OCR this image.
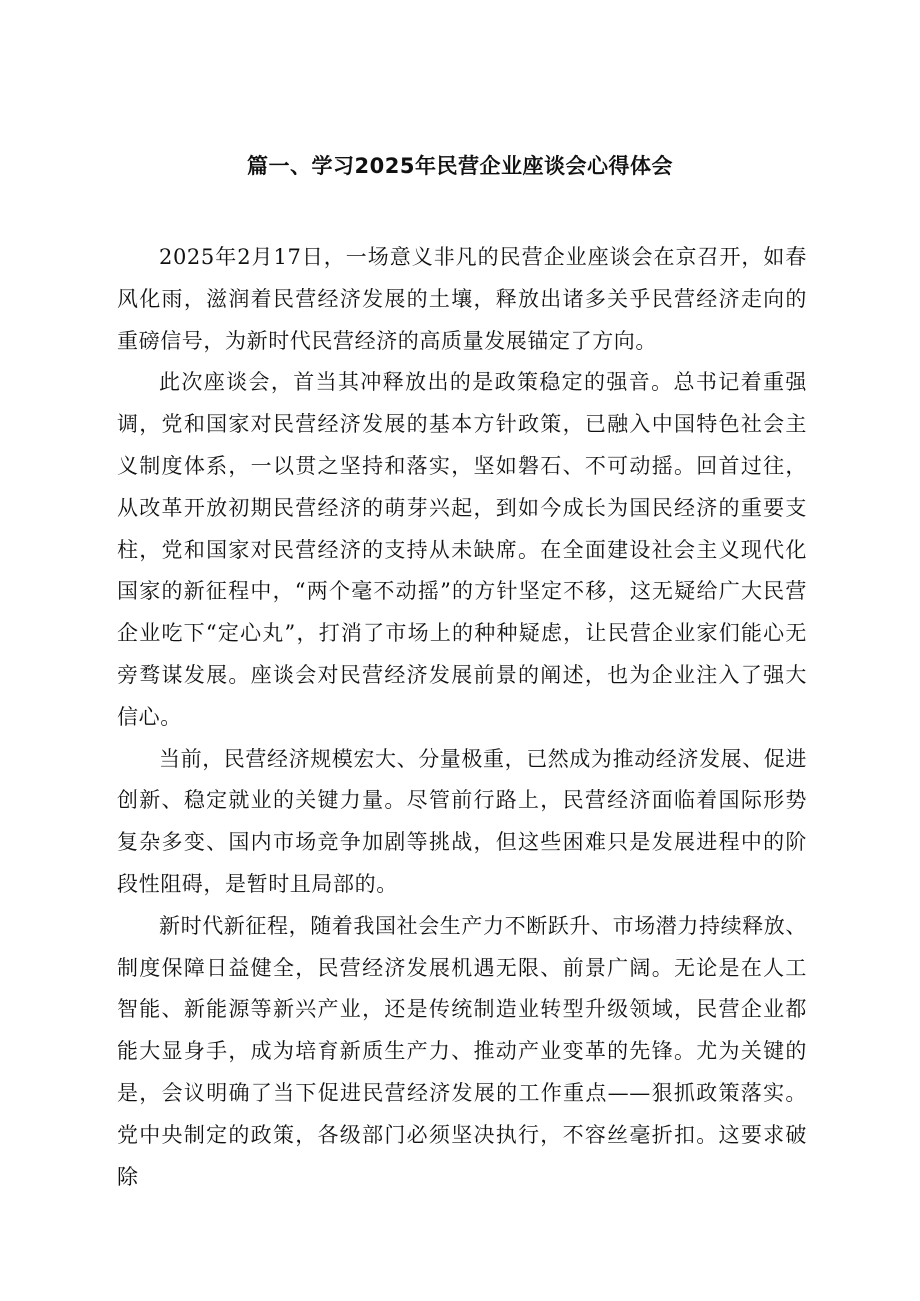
篇一、学习2025年民营企业座谈会心得体会

2025年2月17日，一场意义非凡的民营企业座谈会在京召开，如春风化雨，滋润着民营经济发展的土壤，释放出诸多关乎民营经济走向的重磅信号，为新时代民营经济的高质量发展锚定了方向。

此次座谈会，首当其冲释放出的是政策稳定的强音。总书记着重强调，党和国家对民营经济发展的基本方针政策，已融入中国特色社会主义制度体系，一以贯之坚持和落实，坚如磐石、不可动摇。回首过往，从改革开放初期民营经济的萌芽兴起，到如今成长为国民经济的重要支柱，党和国家对民营经济的支持从未缺席。在全面建设社会主义现代化国家的新征程中，“两个毫不动摇”的方针坚定不移，这无疑给广大民营企业吃下“定心丸”，打消了市场上的种种疑虑，让民营企业家们能心无旁骛谋发展。座谈会对民营经济发展前景的阐述，也为企业注入了强大信心。

当前，民营经济规模宏大、分量极重，已然成为推动经济发展、促进创新、稳定就业的关键力量。尽管前行路上，民营经济面临着国际形势复杂多变、国内市场竞争加剧等挑战，但这些困难只是发展进程中的阶段性阻碍，是暂时且局部的。

新时代新征程，随着我国社会生产力不断跃升、市场潜力持续释放、制度保障日益健全，民营经济发展机遇无限、前景广阔。无论是在人工智能、新能源等新兴产业，还是传统制造业转型升级领域，民营企业都能大显身手，成为培育新质生产力、推动产业变革的先锋。尤为关键的是，会议明确了当下促进民营经济发展的工作重点——狠抓政策落实。党中央制定的政策，各级部门必须坚决执行，不容丝毫折扣。这要求破除
